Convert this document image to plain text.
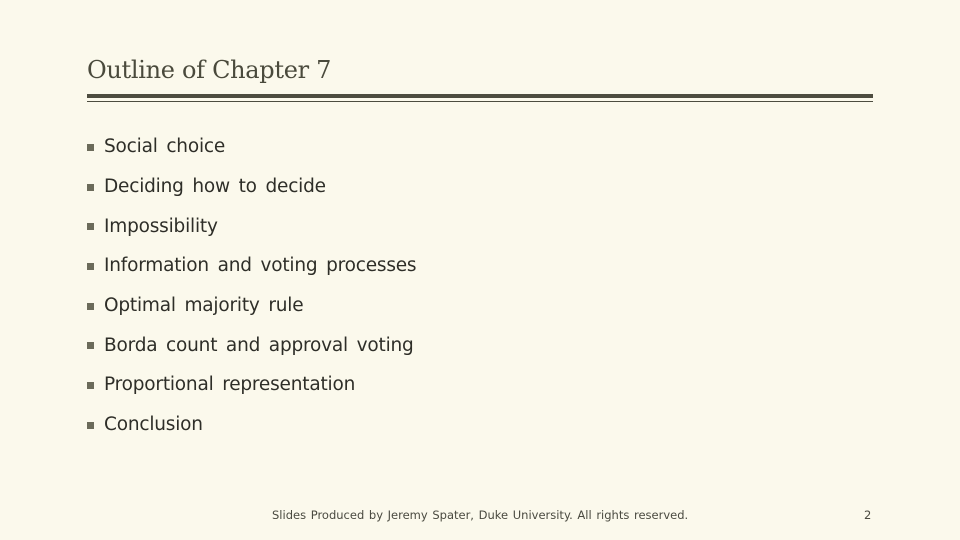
Outline of Chapter 7
Social choice
Deciding how to decide
Impossibility
Information and voting processes
Optimal majority rule
Borda count and approval voting
Proportional representation
Conclusion
Slides Produced by Jeremy Spater, Duke University. All rights reserved.	2
